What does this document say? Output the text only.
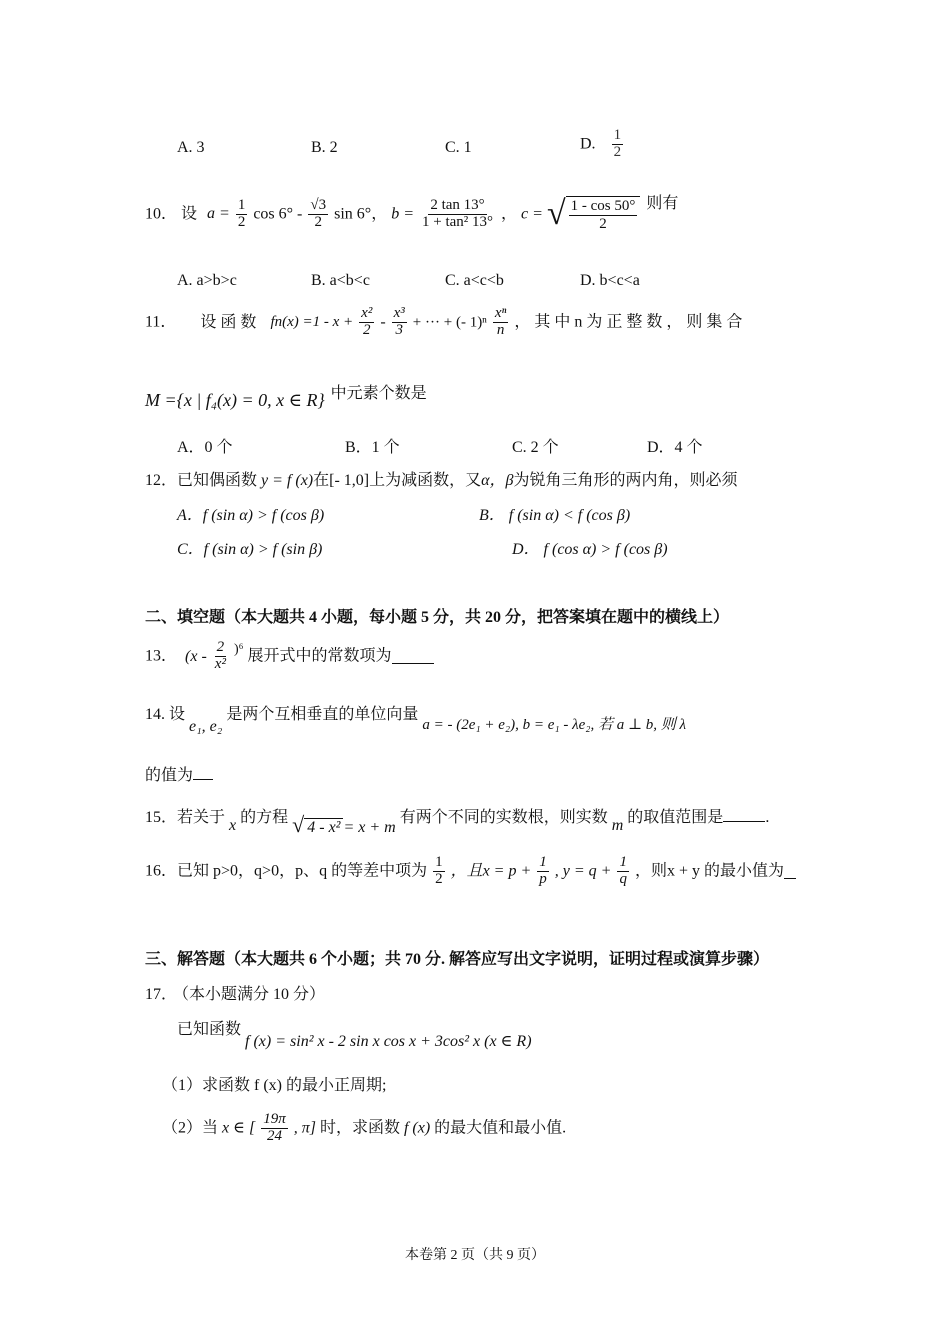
A. 3	B. 2	C. 1	D. $\frac{1}{2}$
10． 设 $a = \frac{1}{2}$ $\cos 6^\circ - \frac{√3}{2}$ sin 6°， $b = \frac{2 \tan 13^\circ}{\text{1 + tan² 13°}}$ ， c = √ $\frac{1 - \cos 50^\circ}{2}$ 则有
A. a>b>c	B. a<b<c	C. a<c<b	D. b<c<a
11． 设 函 数 $fn(x) =1 - x + \frac{\text{x²}}{2} - \frac{\text{x³}}{3}$ + ··· + (- $1)^n \frac{\text{xⁿ}}{n}$ ， 其 中 n 为 正 整 数 ， 则 集 合
M ={x | f₄(x) = 0, x ∈ R} 中元素个数是
A．0 个	B．1 个	C. 2 个	D．4 个
12．已知偶函数 y = f (x)在[- 1,0]上为减函数，又α，β为锐角三角形的两内角，则必须
A．f (sin α) > f (cos β)	B． f (sin α) < f (cos β)
C．f (sin α) > f (sin β)	D． f (cos α) > f (cos β)
二、填空题（本大题共 4 小题，每小题 5 分，共 20 分，把答案填在题中的横线上）
13． $(x - \frac{2}{\text{x²}} )^6$ 展开式中的常数项为
14. 设 e₁, e₂ 是两个互相垂直的单位向量 a = - (2e₁ + e₂), b = e₁ - λe₂, 若 a ⊥ b, 则 λ
的值为
15．若关于 x 的方程 √ 4 - x² = x + m 有两个不同的实数根，则实数 m 的取值范围是	.
16．已知 p>0，q>0，p、q 的等差中项为 $\frac{1}{2}$ ，且$x = p + \frac{1}{p}$ , $y = q + \frac{1}{q}$ ，则x + y 的最小值为
三、解答题（本大题共 6 个小题；共 70 分. 解答应写出文字说明，证明过程或演算步骤）
17． （本小题满分 10 分）
已知函数 f (x) = sin² x - 2 sin x cos x + 3cos² x (x ∈ R)
（1）求函数 f (x) 的最小正周期;
（2）当 x ∈ [ $\frac{19\pi}{24}$ , π] 时，求函数 f (x) 的最大值和最小值.
本卷第 2 页（共 9 页）
